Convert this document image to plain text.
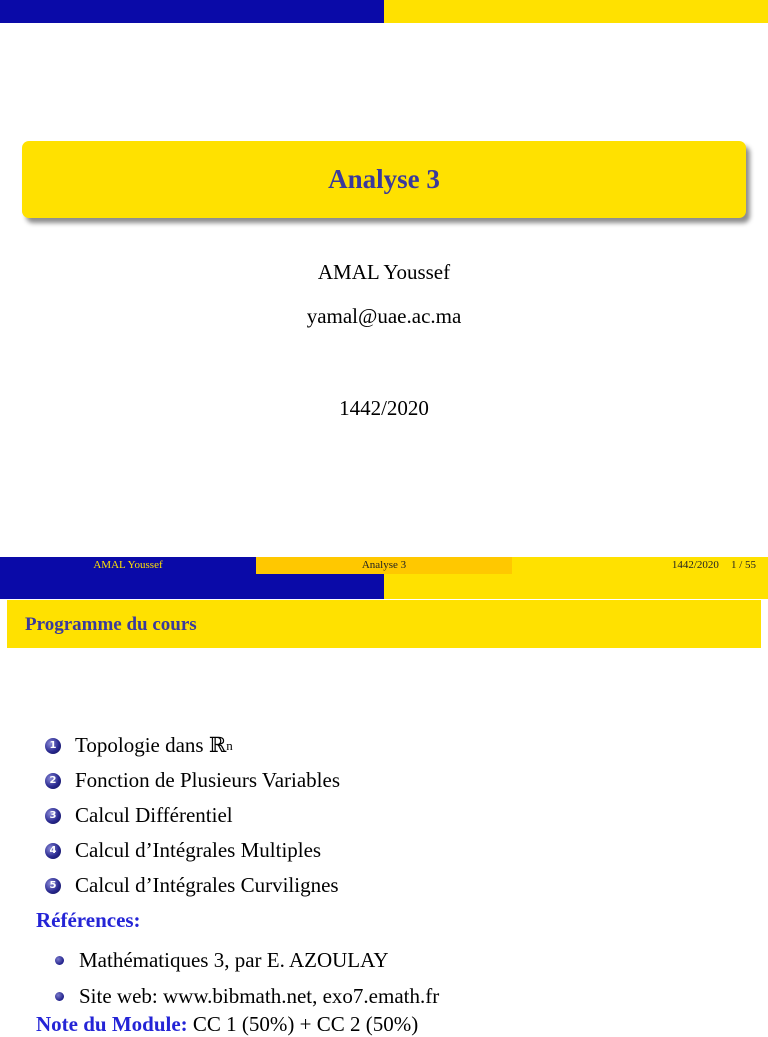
Analyse 3
AMAL Youssef
yamal@uae.ac.ma
1442/2020
AMAL Youssef	Analyse 3	1442/2020 1 / 55
Programme du cours
1 Topologie dans ℝ n
2 Fonction de Plusieurs Variables
3 Calcul Différentiel
4 Calcul d’Intégrales Multiples
5 Calcul d’Intégrales Curvilignes
Références:
Mathématiques 3, par E. AZOULAY
Site web: www.bibmath.net, exo7.emath.fr
Note du Module: CC 1 (50%) + CC 2 (50%)
